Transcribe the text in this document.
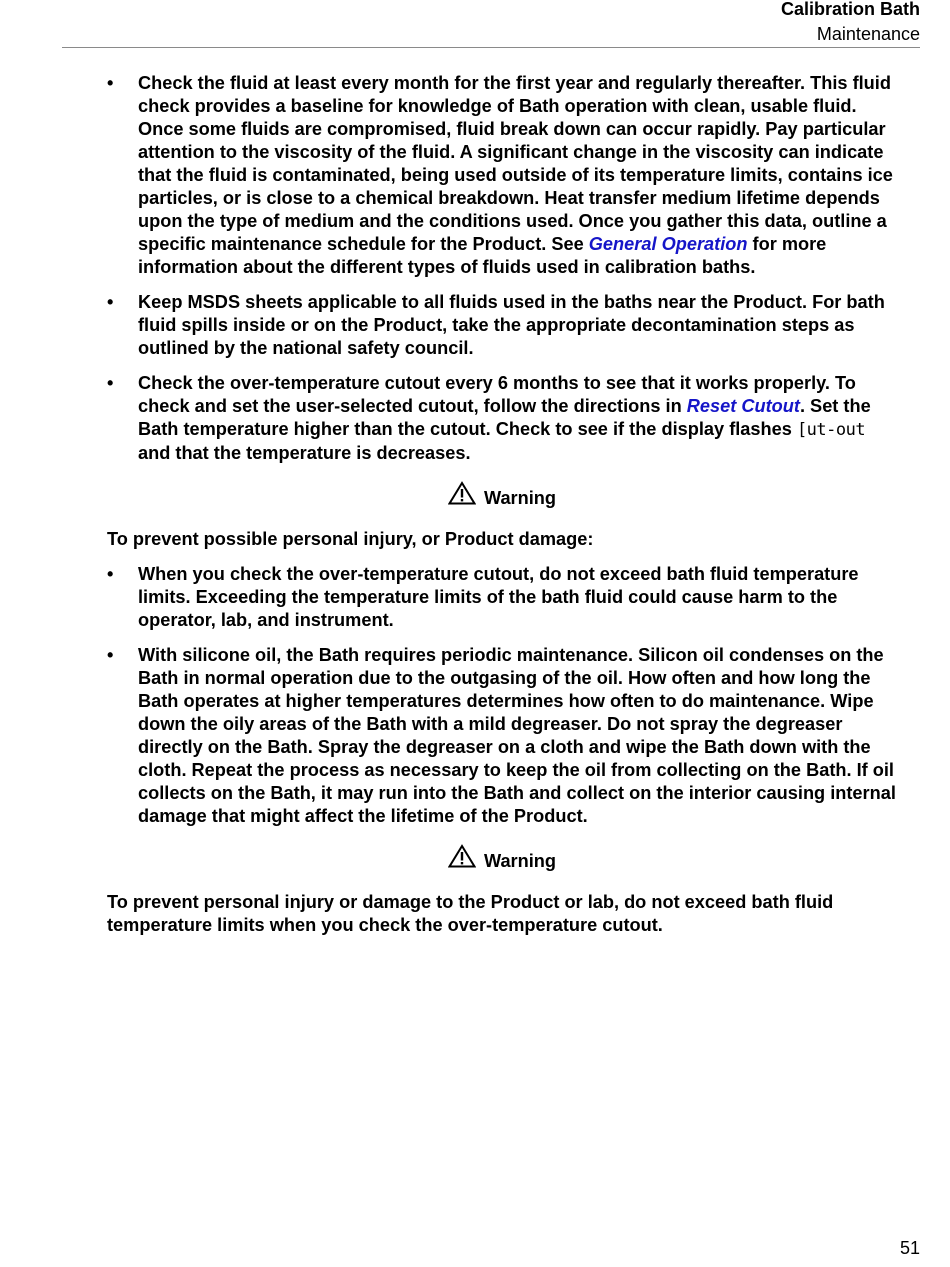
Calibration Bath
Maintenance
• Check the fluid at least every month for the first year and regularly thereafter. This fluid check provides a baseline for knowledge of Bath operation with clean, usable fluid. Once some fluids are compromised, fluid break down can occur rapidly. Pay particular attention to the viscosity of the fluid. A significant change in the viscosity can indicate that the fluid is contaminated, being used outside of its temperature limits, contains ice particles, or is close to a chemical breakdown. Heat transfer medium lifetime depends upon the type of medium and the conditions used. Once you gather this data, outline a specific maintenance schedule for the Product. See General Operation for more information about the different types of fluids used in calibration baths.
• Keep MSDS sheets applicable to all fluids used in the baths near the Product. For bath fluid spills inside or on the Product, take the appropriate decontamination steps as outlined by the national safety council.
• Check the over-temperature cutout every 6 months to see that it works properly. To check and set the user-selected cutout, follow the directions in Reset Cutout. Set the Bath temperature higher than the cutout. Check to see if the display flashes [ut-out and that the temperature is decreases.
Warning
To prevent possible personal injury, or Product damage:
• When you check the over-temperature cutout, do not exceed bath fluid temperature limits. Exceeding the temperature limits of the bath fluid could cause harm to the operator, lab, and instrument.
• With silicone oil, the Bath requires periodic maintenance. Silicon oil condenses on the Bath in normal operation due to the outgasing of the oil. How often and how long the Bath operates at higher temperatures determines how often to do maintenance. Wipe down the oily areas of the Bath with a mild degreaser. Do not spray the degreaser directly on the Bath. Spray the degreaser on a cloth and wipe the Bath down with the cloth. Repeat the process as necessary to keep the oil from collecting on the Bath. If oil collects on the Bath, it may run into the Bath and collect on the interior causing internal damage that might affect the lifetime of the Product.
Warning
To prevent personal injury or damage to the Product or lab, do not exceed bath fluid temperature limits when you check the over-temperature cutout.
51
